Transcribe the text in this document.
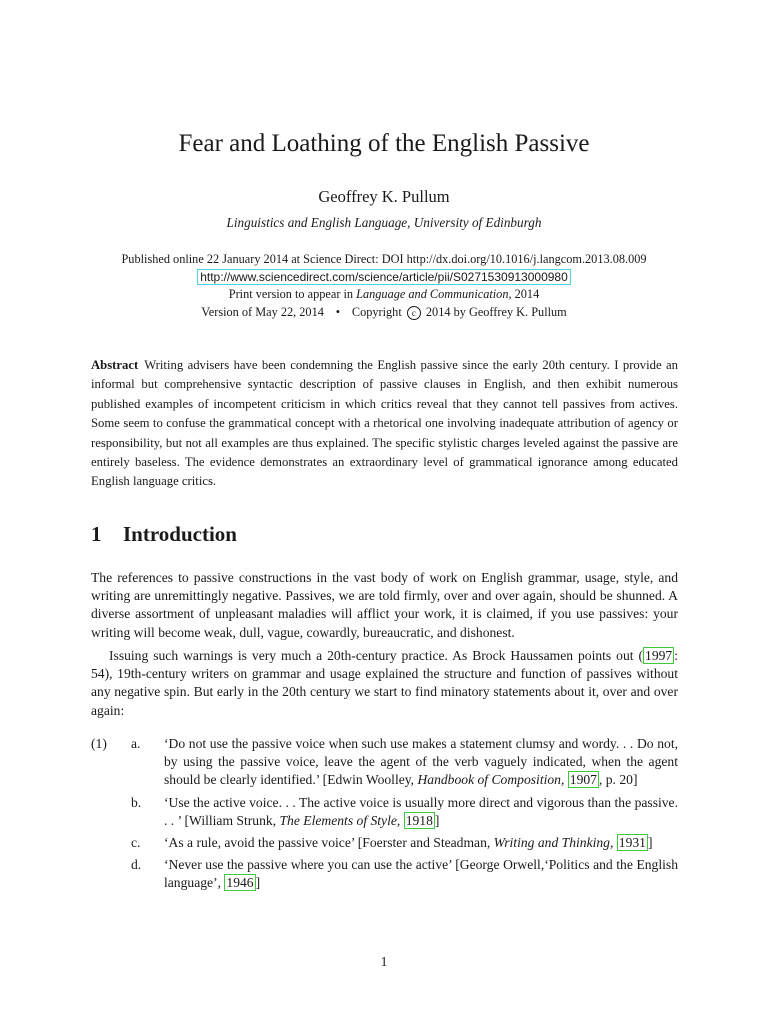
Fear and Loathing of the English Passive
Geoffrey K. Pullum
Linguistics and English Language, University of Edinburgh
Published online 22 January 2014 at Science Direct: DOI http://dx.doi.org/10.1016/j.langcom.2013.08.009
http://www.sciencedirect.com/science/article/pii/S0271530913000980
Print version to appear in Language and Communication, 2014
Version of May 22, 2014 • Copyright c 2014 by Geoffrey K. Pullum
Abstract Writing advisers have been condemning the English passive since the early 20th century. I provide an informal but comprehensive syntactic description of passive clauses in English, and then exhibit numerous published examples of incompetent criticism in which critics reveal that they cannot tell passives from actives. Some seem to confuse the grammatical concept with a rhetorical one involving inadequate attribution of agency or responsibility, but not all examples are thus explained. The specific stylistic charges leveled against the passive are entirely baseless. The evidence demonstrates an extraordinary level of grammatical ignorance among educated English language critics.
1 Introduction
The references to passive constructions in the vast body of work on English grammar, usage, style, and writing are unremittingly negative. Passives, we are told firmly, over and over again, should be shunned. A diverse assortment of unpleasant maladies will afflict your work, it is claimed, if you use passives: your writing will become weak, dull, vague, cowardly, bureaucratic, and dishonest.
Issuing such warnings is very much a 20th-century practice. As Brock Haussamen points out ( 1997 : 54), 19th-century writers on grammar and usage explained the structure and function of passives without any negative spin. But early in the 20th century we start to find minatory statements about it, over and over again:
(1) a. ‘Do not use the passive voice when such use makes a statement clumsy and wordy. . . Do not, by using the passive voice, leave the agent of the verb vaguely indicated, when the agent should be clearly identified.’ [Edwin Woolley, Handbook of Composition, 1907 , p. 20]
b. ‘Use the active voice. . . The active voice is usually more direct and vigorous than the passive. . . ’ [William Strunk, The Elements of Style, 1918 ]
c. ‘As a rule, avoid the passive voice’ [Foerster and Steadman, Writing and Thinking, 1931 ]
d. ‘Never use the passive where you can use the active’ [George Orwell,‘Politics and the English language’, 1946 ]
1
